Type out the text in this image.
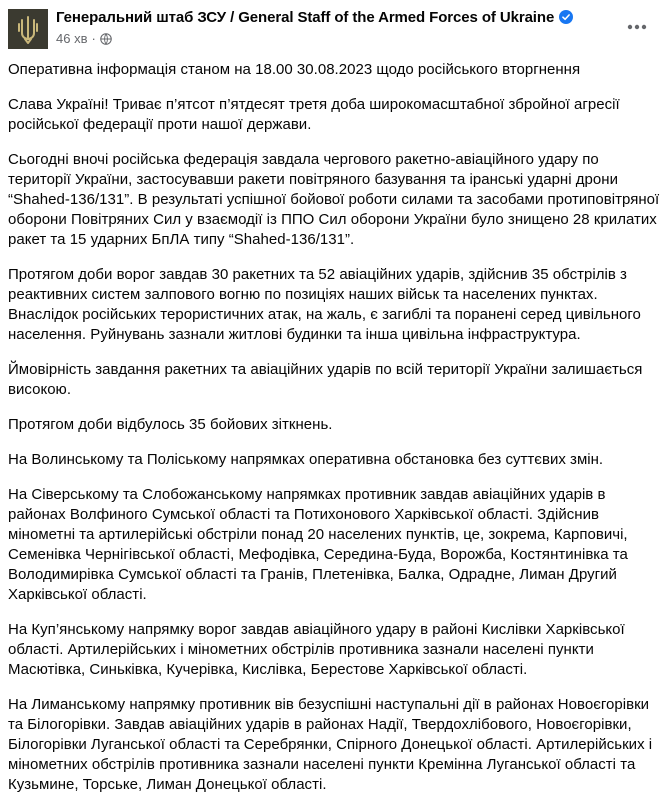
Генеральний штаб ЗСУ / General Staff of the Armed Forces of Ukraine
46 хв ·

Оперативна інформація станом на 18.00 30.08.2023 щодо російського вторгнення

Слава Україні! Триває п’ятсот п’ятдесят третя доба широкомасштабної збройної агресії
російської федерації проти нашої держави.

Сьогодні вночі російська федерація завдала чергового ракетно-авіаційного удару по
території України, застосувавши ракети повітряного базування та іранські ударні дрони
“Shahed-136/131”. В результаті успішної бойової роботи силами та засобами протиповітряної
оборони Повітряних Сил у взаємодії із ППО Сил оборони України було знищено 28 крилатих
ракет та 15 ударних БпЛА типу “Shahed-136/131”.

Протягом доби ворог завдав 30 ракетних та 52 авіаційних ударів, здійснив 35 обстрілів з
реактивних систем залпового вогню по позиціях наших військ та населених пунктах.
Внаслідок російських терористичних атак, на жаль, є загиблі та поранені серед цивільного
населення. Руйнувань зазнали житлові будинки та інша цивільна інфраструктура.

Ймовірність завдання ракетних та авіаційних ударів по всій території України залишається
високою.

Протягом доби відбулось 35 бойових зіткнень.

На Волинському та Поліському напрямках оперативна обстановка без суттєвих змін.

На Сіверському та Слобожанському напрямках противник завдав авіаційних ударів в
районах Волфиного Сумської області та Потихонового Харківської області. Здійснив
мінометні та артилерійські обстріли понад 20 населених пунктів, це, зокрема, Карповичі,
Семенівка Чернігівської області, Мефодівка, Середина-Буда, Ворожба, Костянтинівка та
Володимирівка Сумської області та Гранів, Плетенівка, Балка, Одрадне, Лиман Другий
Харківської області.

На Куп’янському напрямку ворог завдав авіаційного удару в районі Кислівки Харківської
області. Артилерійських і мінометних обстрілів противника зазнали населені пункти
Масютівка, Синьківка, Кучерівка, Кислівка, Берестове Харківської області.

На Лиманському напрямку противник вів безуспішні наступальні дії в районах Новоєгорівки
та Білогорівки. Завдав авіаційних ударів в районах Надії, Твердохлібового, Новоєгорівки,
Білогорівки Луганської області та Серебрянки, Спірного Донецької області. Артилерійських і
мінометних обстрілів противника зазнали населені пункти Кремінна Луганської області та
Кузьмине, Торське, Лиман Донецької області.
